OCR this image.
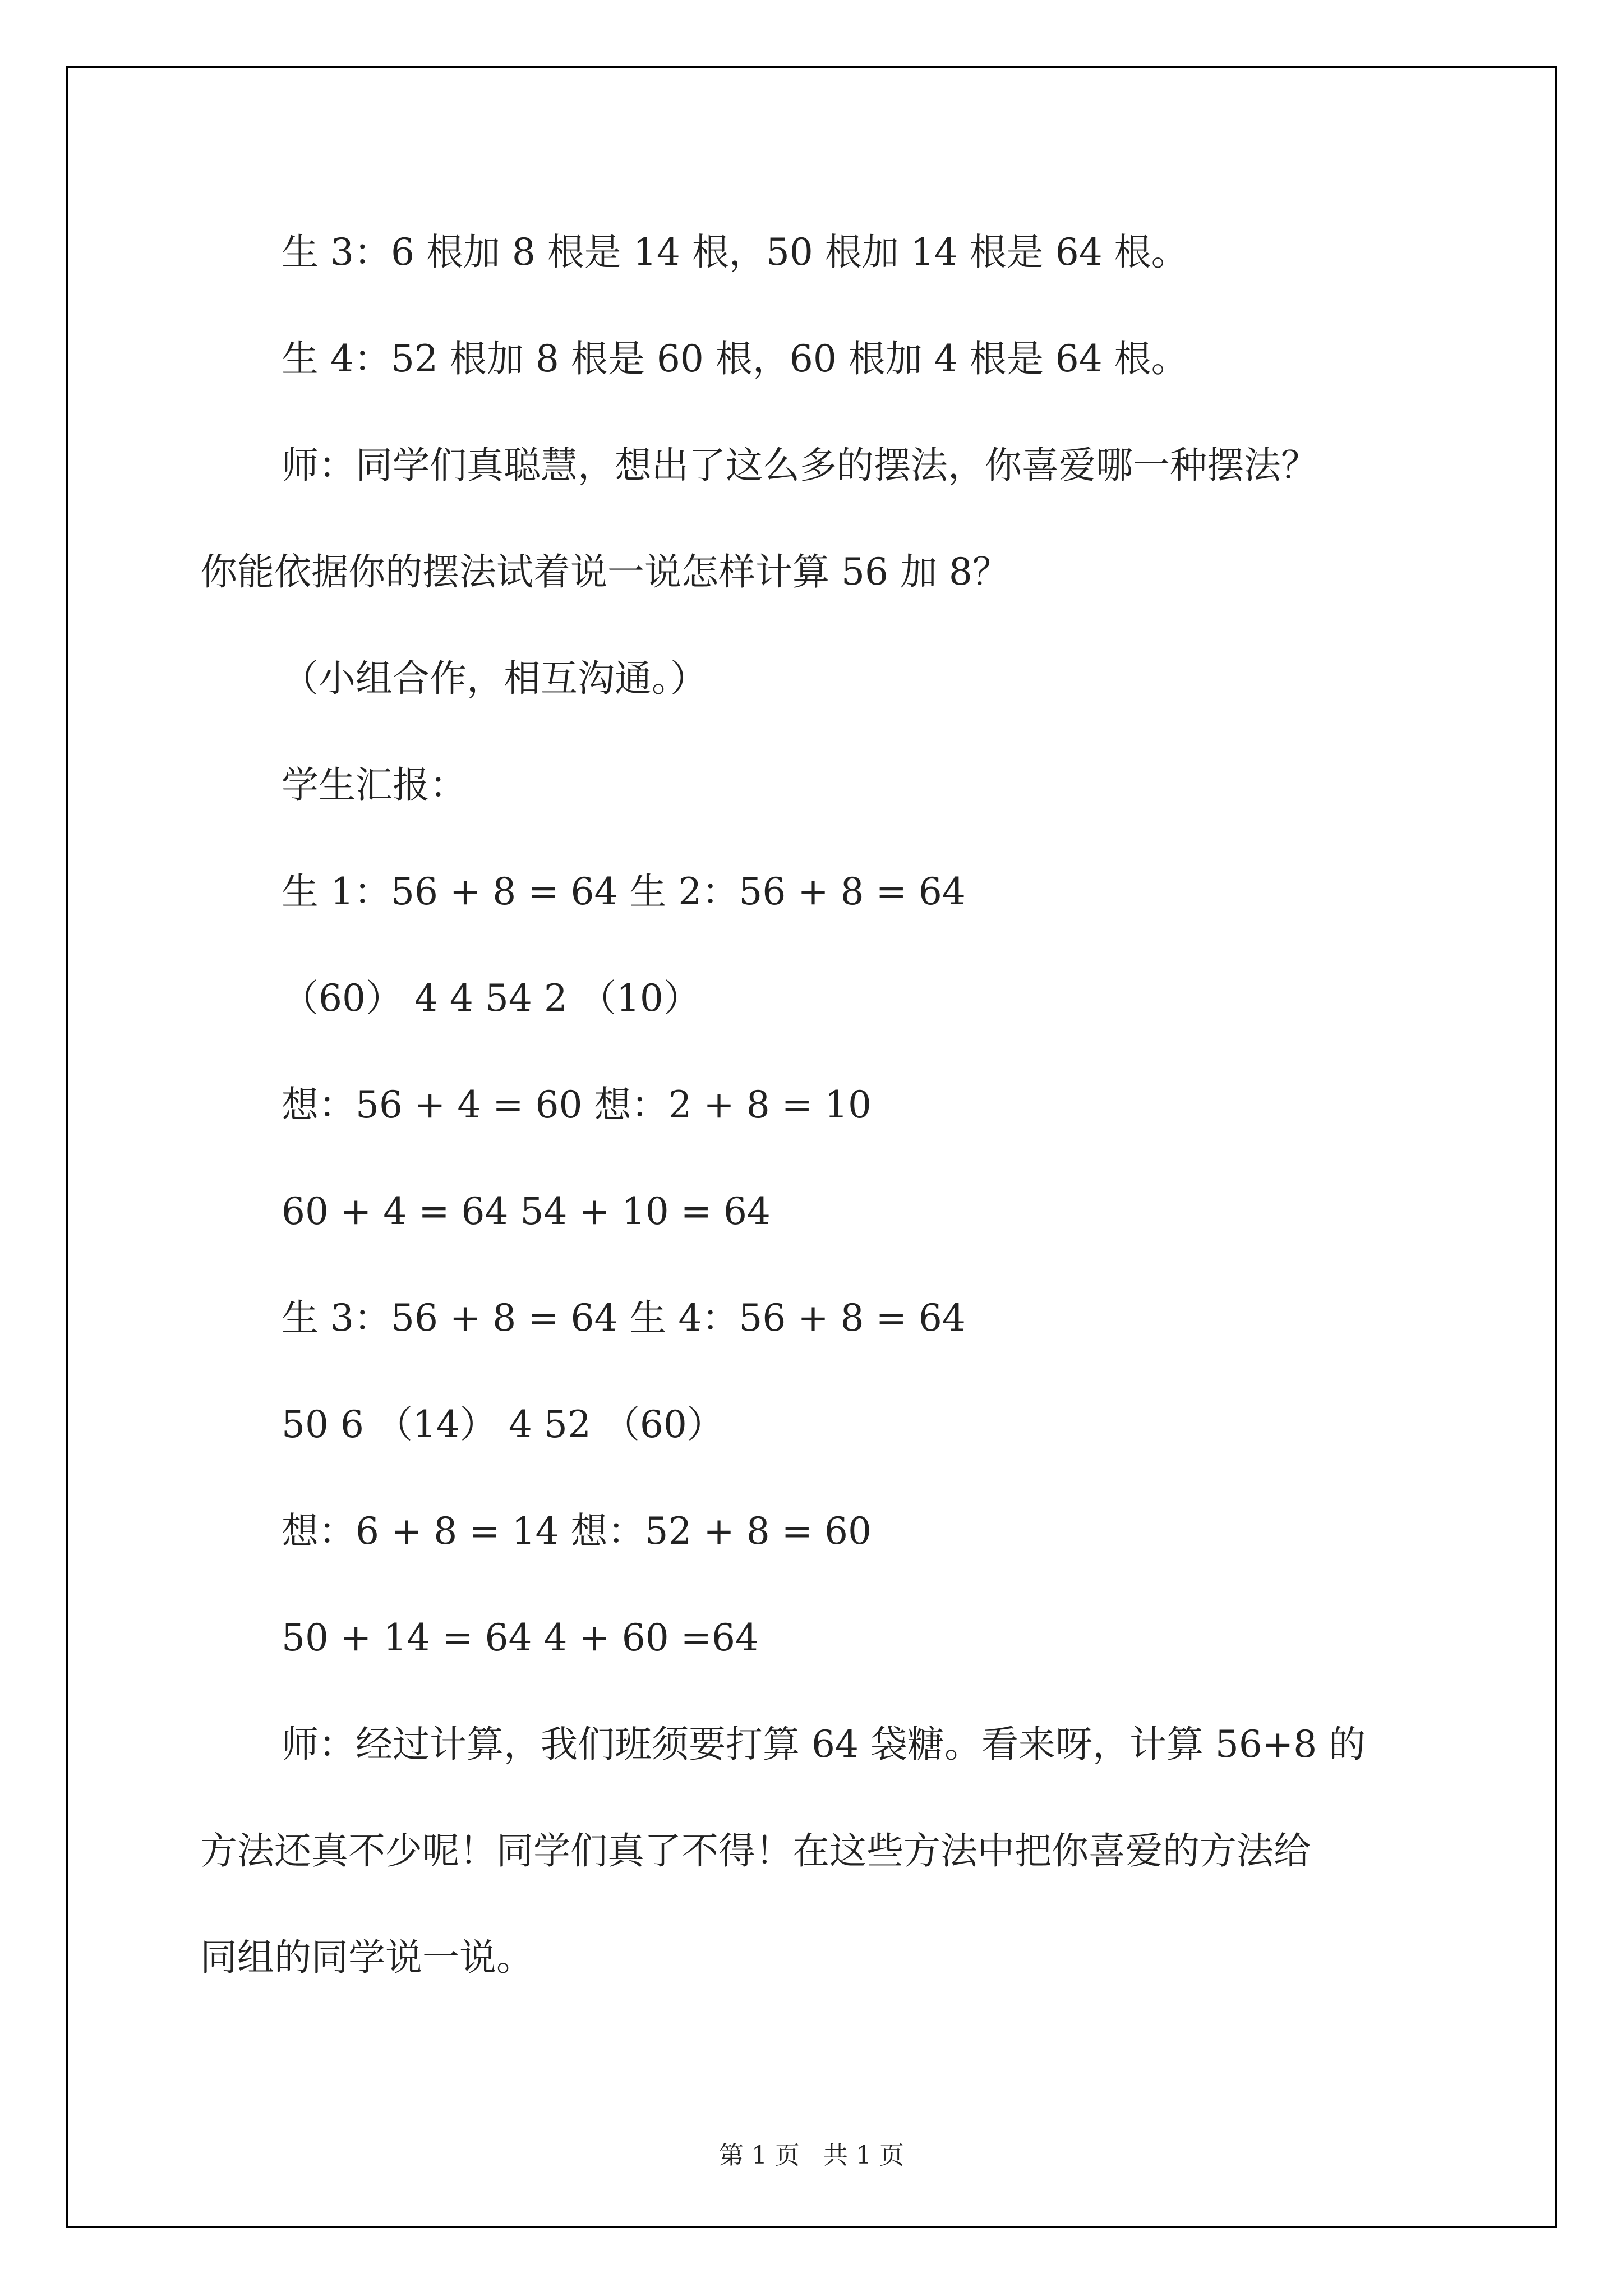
生 3：6 根加 8 根是 14 根，50 根加 14 根是 64 根。
生 4：52 根加 8 根是 60 根，60 根加 4 根是 64 根。
师：同学们真聪慧，想出了这么多的摆法，你喜爱哪一种摆法？
你能依据你的摆法试着说一说怎样计算 56 加 8？
（小组合作，相互沟通。）
学生汇报：
生 1：56 + 8 = 64 生 2：56 + 8 = 64
（60） 4 4 54 2 （10）
想：56 + 4 = 60 想：2 + 8 = 10
60 + 4 = 64 54 + 10 = 64
生 3：56 + 8 = 64 生 4：56 + 8 = 64
50 6 （14） 4 52 （60）
想：6 + 8 = 14 想：52 + 8 = 60
50 + 14 = 64 4 + 60 =64
师：经过计算，我们班须要打算 64 袋糖。看来呀，计算 56+8 的
方法还真不少呢！同学们真了不得！在这些方法中把你喜爱的方法给
同组的同学说一说。
第 1 页   共 1 页
